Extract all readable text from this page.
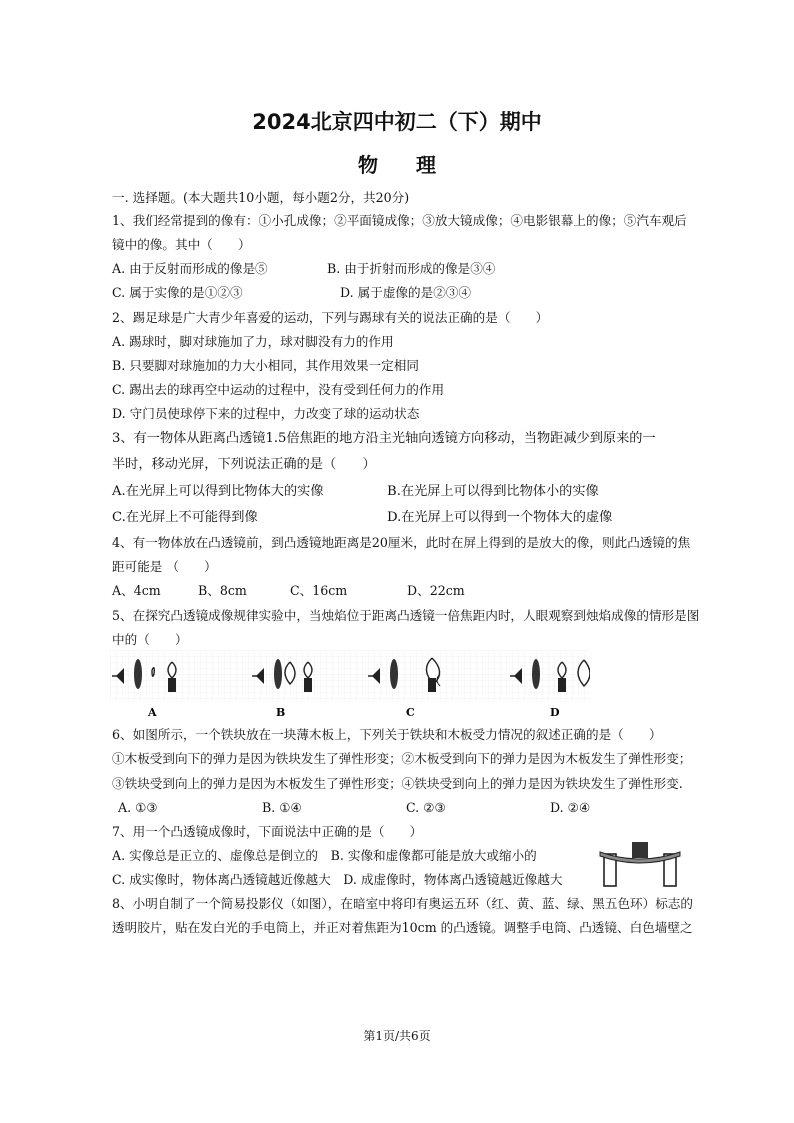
2024北京四中初二（下）期中
物理
一. 选择题。(本大题共10小题，每小题2分，共20分)
1、我们经常提到的像有：①小孔成像；②平面镜成像；③放大镜成像；④电影银幕上的像；⑤汽车观后
镜中的像。其中（　　）
A. 由于反射而形成的像是⑤	B. 由于折射而形成的像是③④
C. 属于实像的是①②③	D. 属于虚像的是②③④
2、踢足球是广大青少年喜爱的运动，下列与踢球有关的说法正确的是（　　）
A. 踢球时，脚对球施加了力，球对脚没有力的作用
B. 只要脚对球施加的力大小相同，其作用效果一定相同
C. 踢出去的球再空中运动的过程中，没有受到任何力的作用
D. 守门员使球停下来的过程中，力改变了球的运动状态
3、有一物体从距离凸透镜1.5倍焦距的地方沿主光轴向透镜方向移动，当物距减少到原来的一
半时，移动光屏，下列说法正确的是（　　）
A.在光屏上可以得到比物体大的实像	B.在光屏上可以得到比物体小的实像
C.在光屏上不可能得到像	D.在光屏上可以得到一个物体大的虚像
4、有一物体放在凸透镜前，到凸透镜地距离是20厘米，此时在屏上得到的是放大的像，则此凸透镜的焦
距可能是 （　　）
A、4cm	B、8cm	C、16cm	D、22cm
5、在探究凸透镜成像规律实验中，当烛焰位于距离凸透镜一倍焦距内时，人眼观察到烛焰成像的情形是图
中的（　　）
A	B	C	D
6、如图所示，一个铁块放在一块薄木板上，下列关于铁块和木板受力情况的叙述正确的是（　　）
①木板受到向下的弹力是因为铁块发生了弹性形变；②木板受到向下的弹力是因为木板发生了弹性形变；
③铁块受到向上的弹力是因为木板发生了弹性形变；④铁块受到向上的弹力是因为铁块发生了弹性形变.
A. ①③	B. ①④	C. ②③	D. ②④
7、用一个凸透镜成像时，下面说法中正确的是（　　）
A. 实像总是正立的、虚像总是倒立的　B. 实像和虚像都可能是放大或缩小的
C. 成实像时，物体离凸透镜越近像越大　D. 成虚像时，物体离凸透镜越近像越大
8、小明自制了一个简易投影仪（如图），在暗室中将印有奥运五环（红、黄、蓝、绿、黑五色环）标志的
透明胶片，贴在发白光的手电筒上，并正对着焦距为10cm 的凸透镜。调整手电筒、凸透镜、白色墙壁之
第1页/共6页
